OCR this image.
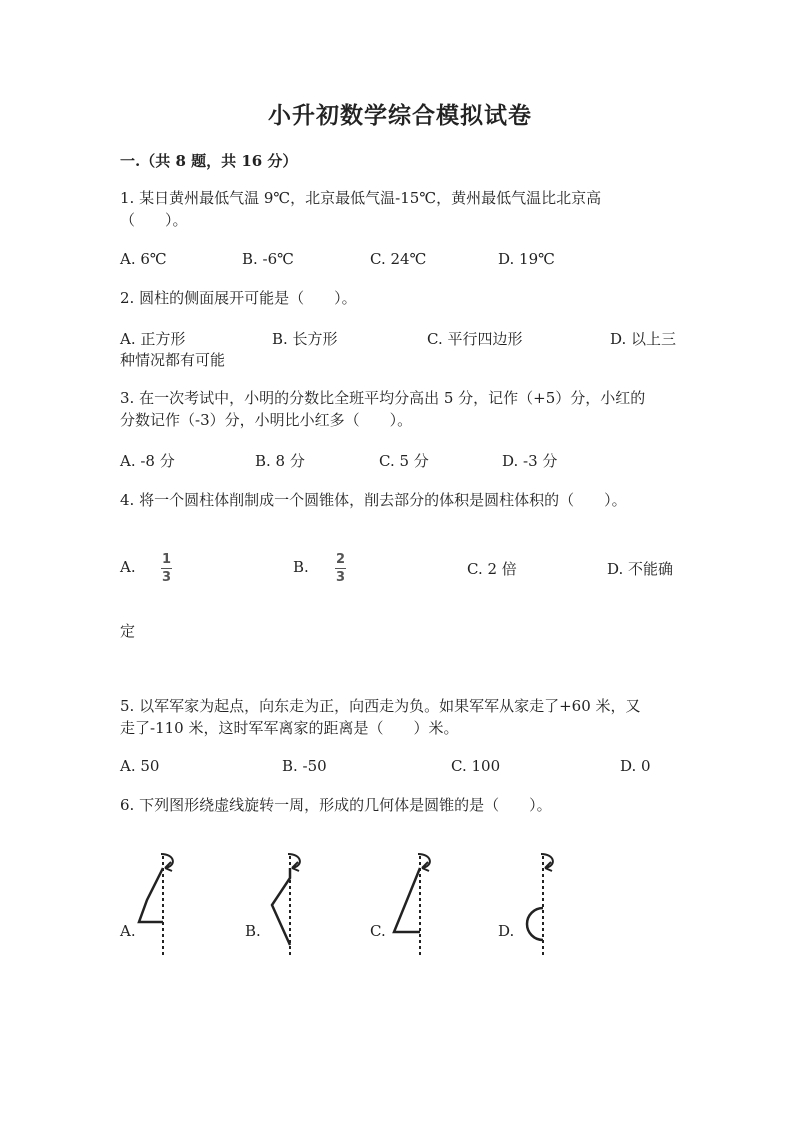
小升初数学综合模拟试卷
一.（共 8 题，共 16 分）
1. 某日黄州最低气温 9℃，北京最低气温-15℃，黄州最低气温比北京高
（　　）。
A. 6℃	B. -6℃	C. 24℃	D. 19℃
2. 圆柱的侧面展开可能是（　　）。
A. 正方形	B. 长方形	C. 平行四边形	D. 以上三
种情况都有可能
3. 在一次考试中，小明的分数比全班平均分高出 5 分，记作（+5）分，小红的
分数记作（-3）分，小明比小红多（　　）。
A. -8 分	B. 8 分	C. 5 分	D. -3 分
4. 将一个圆柱体削制成一个圆锥体，削去部分的体积是圆柱体积的（　　）。
A. 1
3
B. 2
3	C. 2 倍	D. 不能确
定
5. 以军军家为起点，向东走为正，向西走为负。如果军军从家走了+60 米，又
走了-110 米，这时军军离家的距离是（　　）米。
A. 50	B. -50	C. 100	D. 0
6. 下列图形绕虚线旋转一周，形成的几何体是圆锥的是（　　）。
A.	B.	C.	D.
